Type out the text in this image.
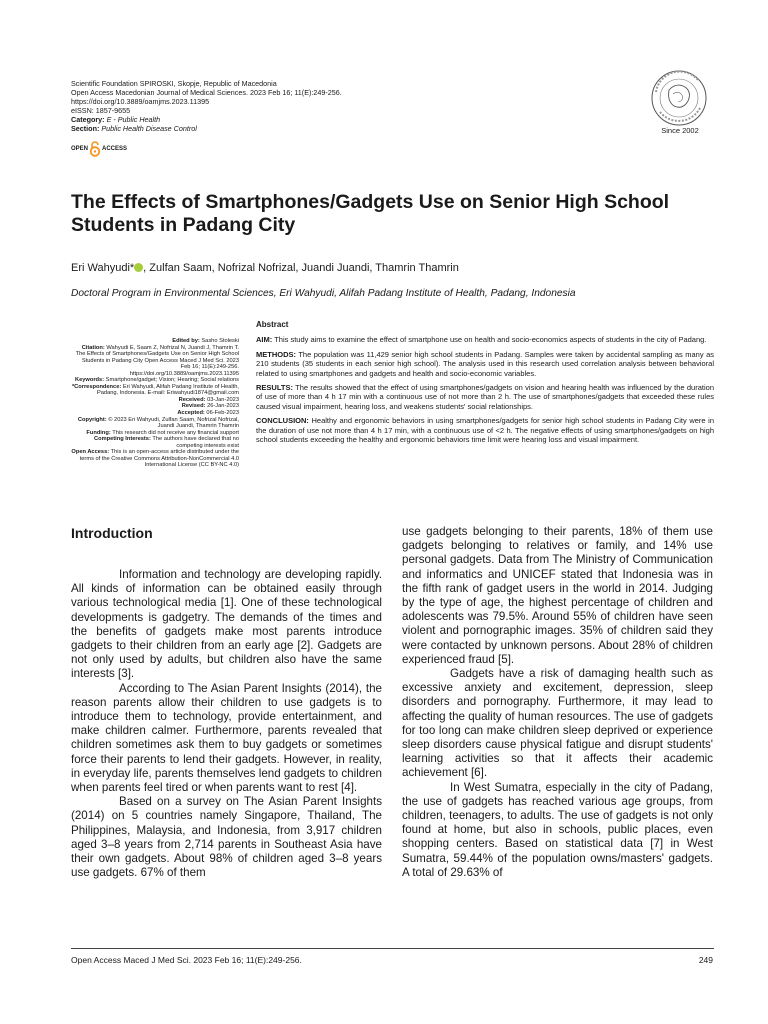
Scientific Foundation SPIROSKI, Skopje, Republic of Macedonia
Open Access Macedonian Journal of Medical Sciences. 2023 Feb 16; 11(E):249-256.
https://doi.org/10.3889/oamjms.2023.11395
eISSN: 1857-9655
Category: E - Public Health
Section: Public Health Disease Control	Since 2002
OPEN ACCESS
The Effects of Smartphones/Gadgets Use on Senior High School Students in Padang City
Eri Wahyudi* , Zulfan Saam, Nofrizal Nofrizal, Juandi Juandi, Thamrin Thamrin
Doctoral Program in Environmental Sciences, Eri Wahyudi, Alifah Padang Institute of Health, Padang, Indonesia
Edited by: Sasho Stoleski
Citation: Wahyudi E, Saam Z, Nofrizal N, Juandi J, Thamrin T. The Effects of Smartphones/Gadgets Use on Senior High School Students in Padang City Open Access Maced J Med Sci. 2023 Feb 16; 11(E):249-256. https://doi.org/10.3889/oamjms.2023.11395
Keywords: Smartphone/gadget; Vision; Hearing; Social relations
*Correspondence: Eri Wahyudi, Alifah Padang Institute of Health, Padang, Indonesia. E-mail: Eriwahyudi1874@gmail.com
Received: 03-Jan-2023
Revised: 26-Jan-2023
Accepted: 06-Feb-2023
Copyright: © 2023 Eri Wahyudi, Zulfan Saam, Nofrizal Nofrizal, Juandi Juandi, Thamrin Thamrin
Funding: This research did not receive any financial support
Competing Interests: The authors have declared that no competing interests exist
Open Access: This is an open-access article distributed under the terms of the Creative Commons Attribution-NonCommercial 4.0 International License (CC BY-NC 4.0)
Abstract

AIM: This study aims to examine the effect of smartphone use on health and socio-economics aspects of students in the city of Padang.

METHODS: The population was 11,429 senior high school students in Padang. Samples were taken by accidental sampling as many as 210 students (35 students in each senior high school). The analysis used in this research used correlation analysis between behavioral related to using smartphones and gadgets and health and socio-economic variables.

RESULTS: The results showed that the effect of using smartphones/gadgets on vision and hearing health was influenced by the duration of use of more than 4 h 17 min with a continuous use of not more than 2 h. The use of smartphones/gadgets that exceeded these rules caused visual impairment, hearing loss, and weakens students' social relationships.

CONCLUSION: Healthy and ergonomic behaviors in using smartphones/gadgets for senior high school students in Padang City were in the duration of use not more than 4 h 17 min, with a continuous use of <2 h. The negative effects of using smartphones/gadgets on high school students exceeding the healthy and ergonomic behaviors time limit were hearing loss and visual impairment.

Introduction

Information and technology are developing rapidly. All kinds of information can be obtained easily through various technological media [1]. One of these technological developments is gadgetry. The demands of the times and the benefits of gadgets make most parents introduce gadgets to their children from an early age [2]. Gadgets are not only used by adults, but children also have the same interests [3].

According to The Asian Parent Insights (2014), the reason parents allow their children to use gadgets is to introduce them to technology, provide entertainment, and make children calmer. Furthermore, parents revealed that children sometimes ask them to buy gadgets or sometimes force their parents to lend their gadgets. However, in reality, in everyday life, parents themselves lend gadgets to children when parents feel tired or when parents want to rest [4].

Based on a survey on The Asian Parent Insights (2014) on 5 countries namely Singapore, Thailand, The Philippines, Malaysia, and Indonesia, from 3,917 children aged 3–8 years from 2,714 parents in Southeast Asia have their own gadgets. About 98% of children aged 3–8 years use gadgets. 67% of them

use gadgets belonging to their parents, 18% of them use gadgets belonging to relatives or family, and 14% use personal gadgets. Data from The Ministry of Communication and informatics and UNICEF stated that Indonesia was in the fifth rank of gadget users in the world in 2014. Judging by the type of age, the highest percentage of children and adolescents was 79.5%. Around 55% of children have seen violent and pornographic images. 35% of children said they were contacted by unknown persons. About 28% of children experienced fraud [5].

Gadgets have a risk of damaging health such as excessive anxiety and excitement, depression, sleep disorders and pornography. Furthermore, it may lead to affecting the quality of human resources. The use of gadgets for too long can make children sleep deprived or experience sleep disorders cause physical fatigue and disrupt students' learning activities so that it affects their academic achievement [6].

In West Sumatra, especially in the city of Padang, the use of gadgets has reached various age groups, from children, teenagers, to adults. The use of gadgets is not only found at home, but also in schools, public places, even shopping centers. Based on statistical data [7] in West Sumatra, 59.44% of the population owns/masters' gadgets. A total of 29.63% of

Open Access Maced J Med Sci. 2023 Feb 16; 11(E):249-256.	249
